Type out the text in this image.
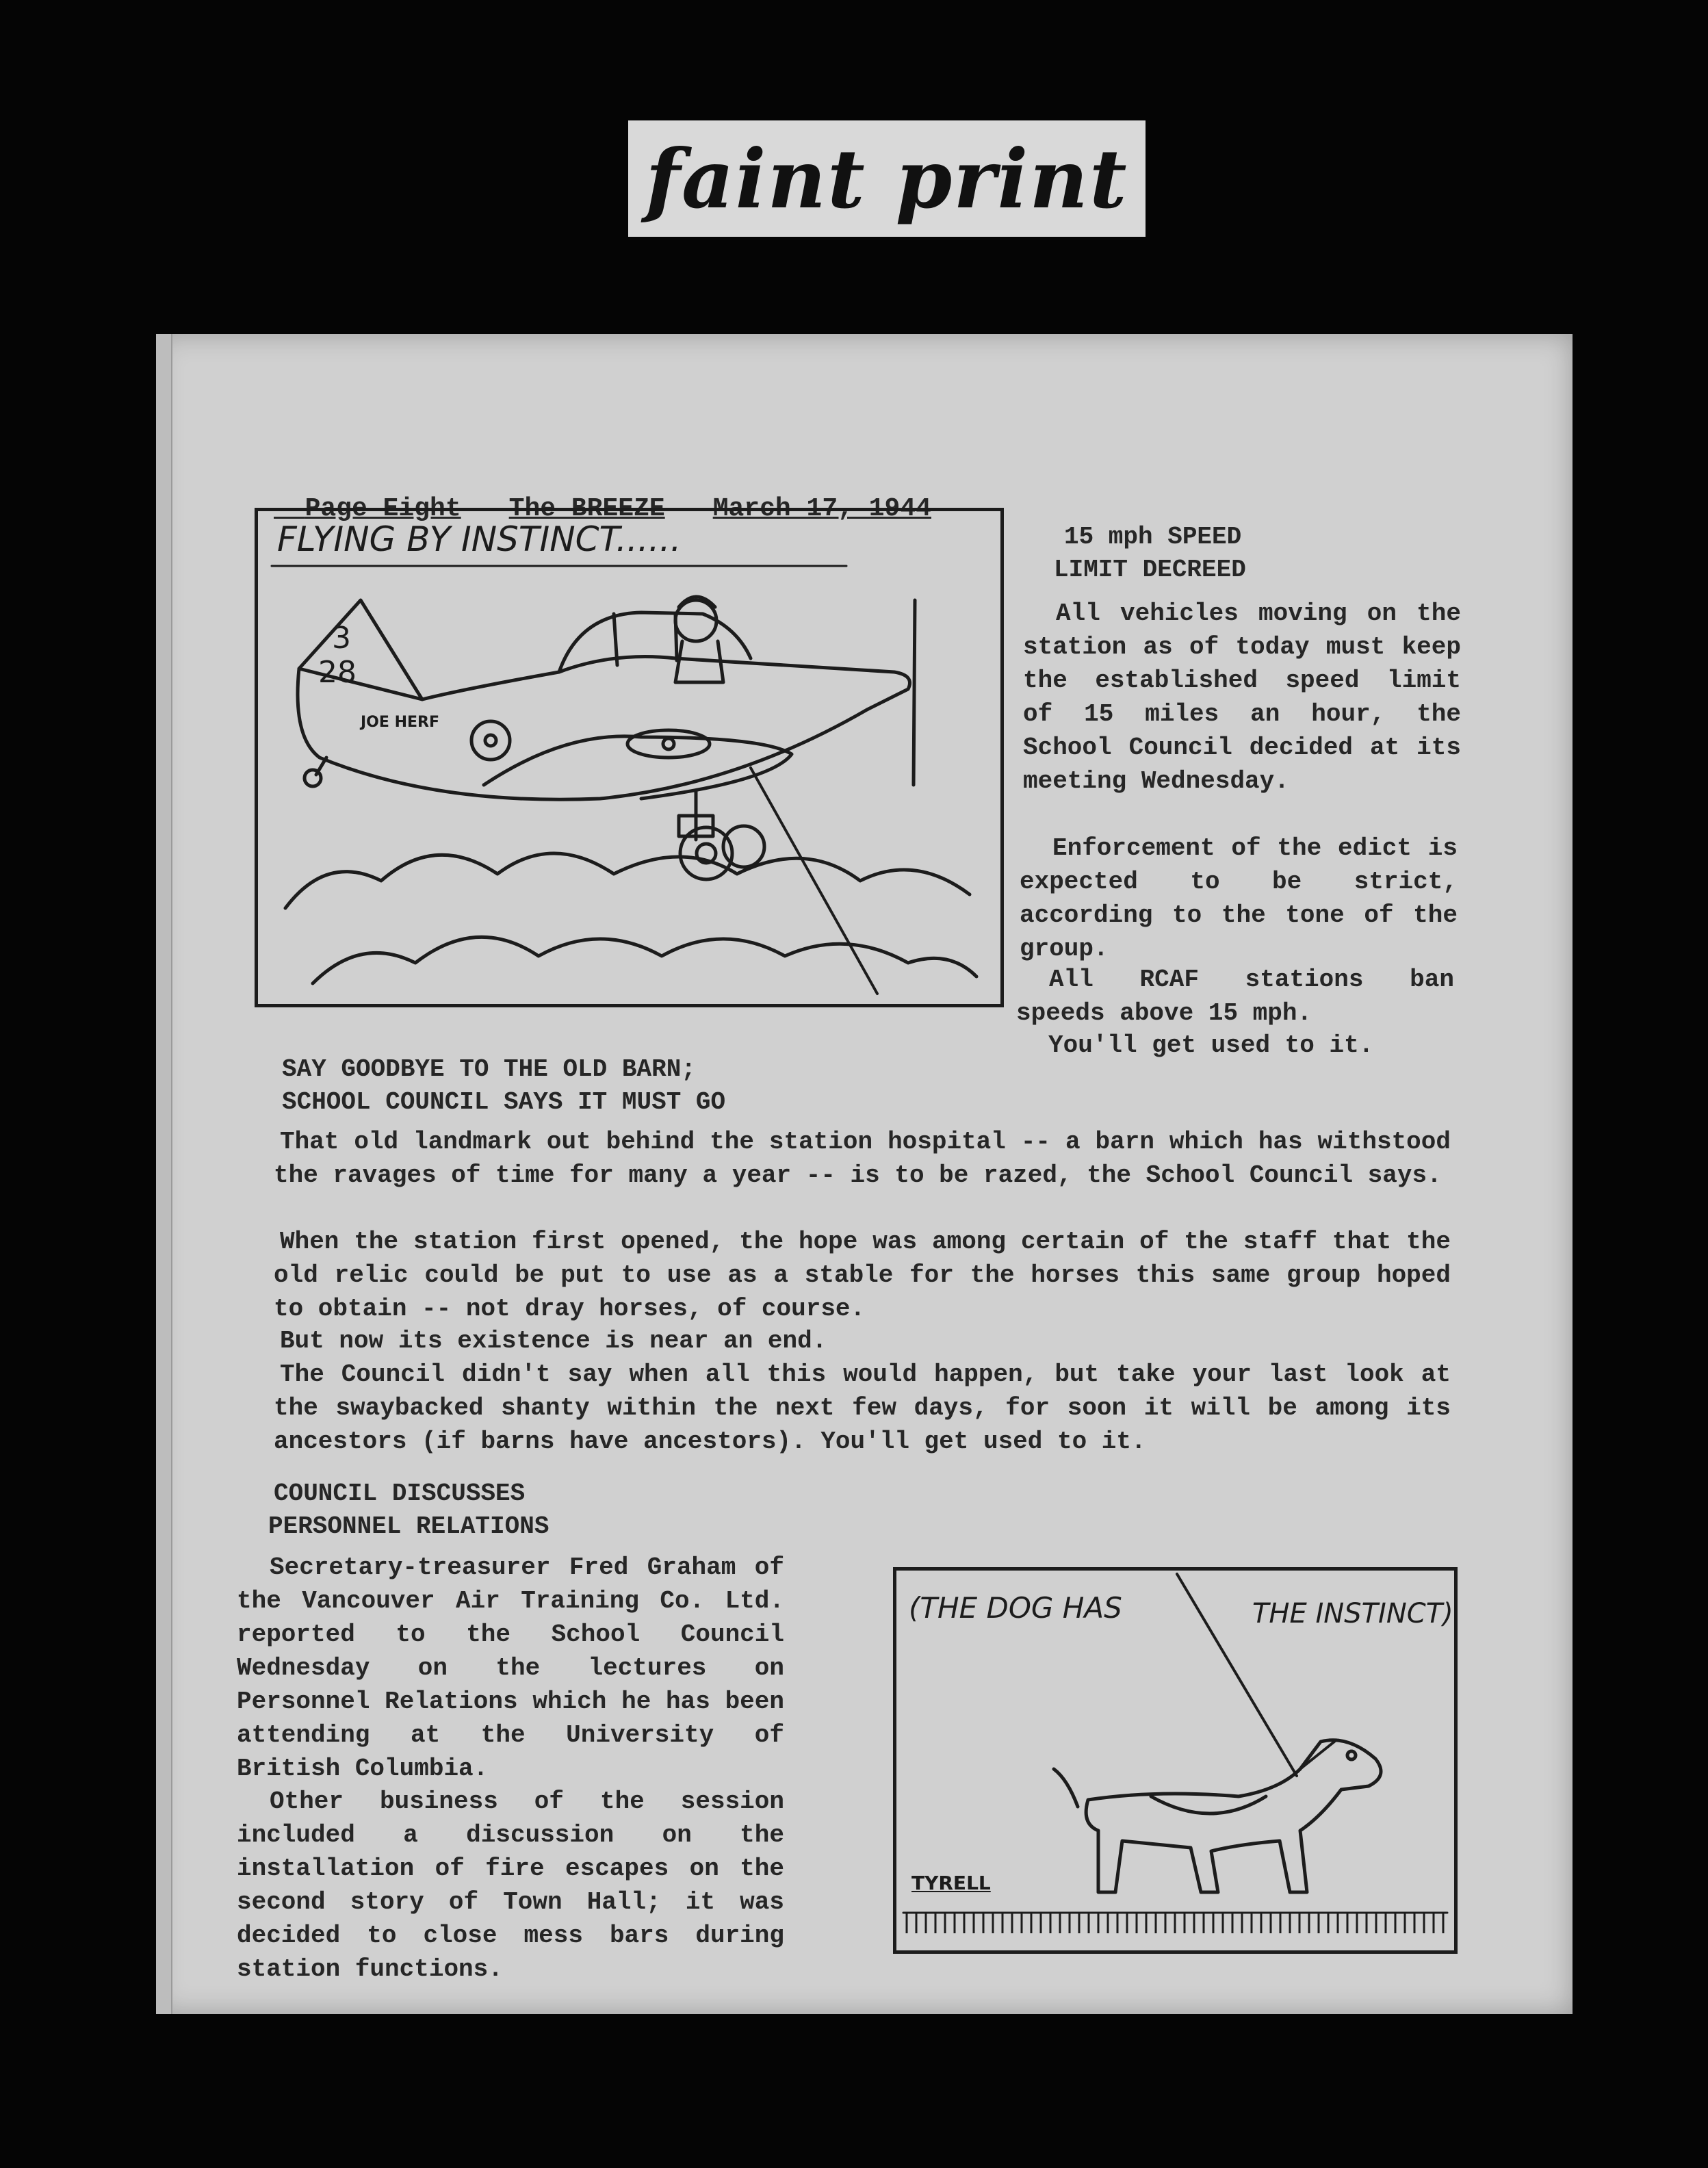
faint print

Page Eight The BREEZE March 17, 1944

FLYING BY INSTINCT......
3
28
JOE HERF
15 mph SPEED
LIMIT DECREED
All vehicles moving on the station as of today must keep the established speed limit of 15 miles an hour, the School Council decided at its meeting Wednesday.
Enforcement of the edict is expected to be strict, according to the tone of the group.
All RCAF stations ban speeds above 15 mph.
You'll get used to it.
SAY GOODBYE TO THE OLD BARN;
SCHOOL COUNCIL SAYS IT MUST GO
That old landmark out behind the station hospital -- a barn which has withstood the ravages of time for many a year -- is to be razed, the School Council says.
When the station first opened, the hope was among certain of the staff that the old relic could be put to use as a stable for the horses this same group hoped to obtain -- not dray horses, of course.
But now its existence is near an end.
The Council didn't say when all this would happen, but take your last look at the swaybacked shanty within the next few days, for soon it will be among its ancestors (if barns have ancestors). You'll get used to it.
COUNCIL DISCUSSES
PERSONNEL RELATIONS
Secretary-treasurer Fred Graham of the Vancouver Air Training Co. Ltd. reported to the School Council Wednesday on the lectures on Personnel Relations which he has been attending at the University of British Columbia.
Other business of the session included a discussion on the installation of fire escapes on the second story of Town Hall; it was decided to close mess bars during station functions.
(THE DOG HAS	THE INSTINCT)
TYRELL
